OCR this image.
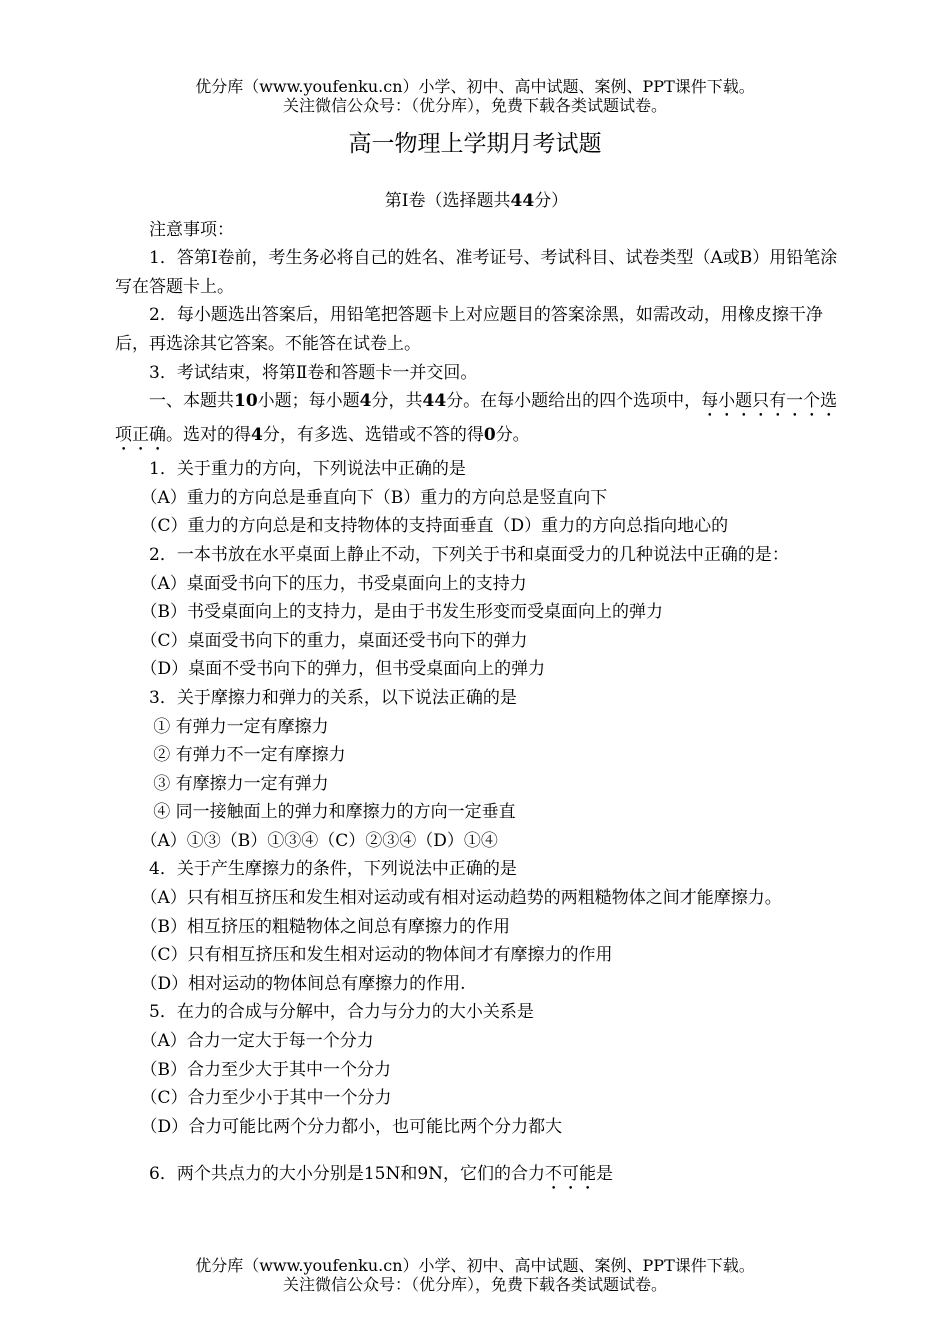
优分库（www.youfenku.cn）小学、初中、高中试题、案例、PPT课件下载。
关注微信公众号：（优分库），免费下载各类试题试卷。
高一物理上学期月考试题

第Ⅰ卷（选择题共44分）

注意事项：

1．答第Ⅰ卷前，考生务必将自己的姓名、准考证号、考试科目、试卷类型（A或B）用铅笔涂写在答题卡上。

2．每小题选出答案后，用铅笔把答题卡上对应题目的答案涂黑，如需改动，用橡皮擦干净后，再选涂其它答案。不能答在试卷上。

3．考试结束，将第Ⅱ卷和答题卡一并交回。

一、本题共10小题；每小题4分，共44分。在每小题给出的四个选项中，每小题只有一个选项正确。选对的得4分，有多选、选错或不答的得0分。

1．关于重力的方向，下列说法中正确的是

（A）重力的方向总是垂直向下（B）重力的方向总是竖直向下

（C）重力的方向总是和支持物体的支持面垂直（D）重力的方向总指向地心的

2．一本书放在水平桌面上静止不动，下列关于书和桌面受力的几种说法中正确的是：

（A）桌面受书向下的压力，书受桌面向上的支持力

（B）书受桌面向上的支持力，是由于书发生形变而受桌面向上的弹力

（C）桌面受书向下的重力，桌面还受书向下的弹力

（D）桌面不受书向下的弹力，但书受桌面向上的弹力

3．关于摩擦力和弹力的关系，以下说法正确的是

① 有弹力一定有摩擦力

② 有弹力不一定有摩擦力

③ 有摩擦力一定有弹力

④ 同一接触面上的弹力和摩擦力的方向一定垂直

（A）①③（B）①③④（C）②③④（D）①④

4．关于产生摩擦力的条件，下列说法中正确的是

（A）只有相互挤压和发生相对运动或有相对运动趋势的两粗糙物体之间才能摩擦力。

（B）相互挤压的粗糙物体之间总有摩擦力的作用

（C）只有相互挤压和发生相对运动的物体间才有摩擦力的作用

（D）相对运动的物体间总有摩擦力的作用.

5．在力的合成与分解中，合力与分力的大小关系是

（A）合力一定大于每一个分力

（B）合力至少大于其中一个分力

（C）合力至少小于其中一个分力

（D）合力可能比两个分力都小，也可能比两个分力都大

6．两个共点力的大小分别是15N和9N，它们的合力不可能是

优分库（www.youfenku.cn）小学、初中、高中试题、案例、PPT课件下载。
关注微信公众号：（优分库），免费下载各类试题试卷。
